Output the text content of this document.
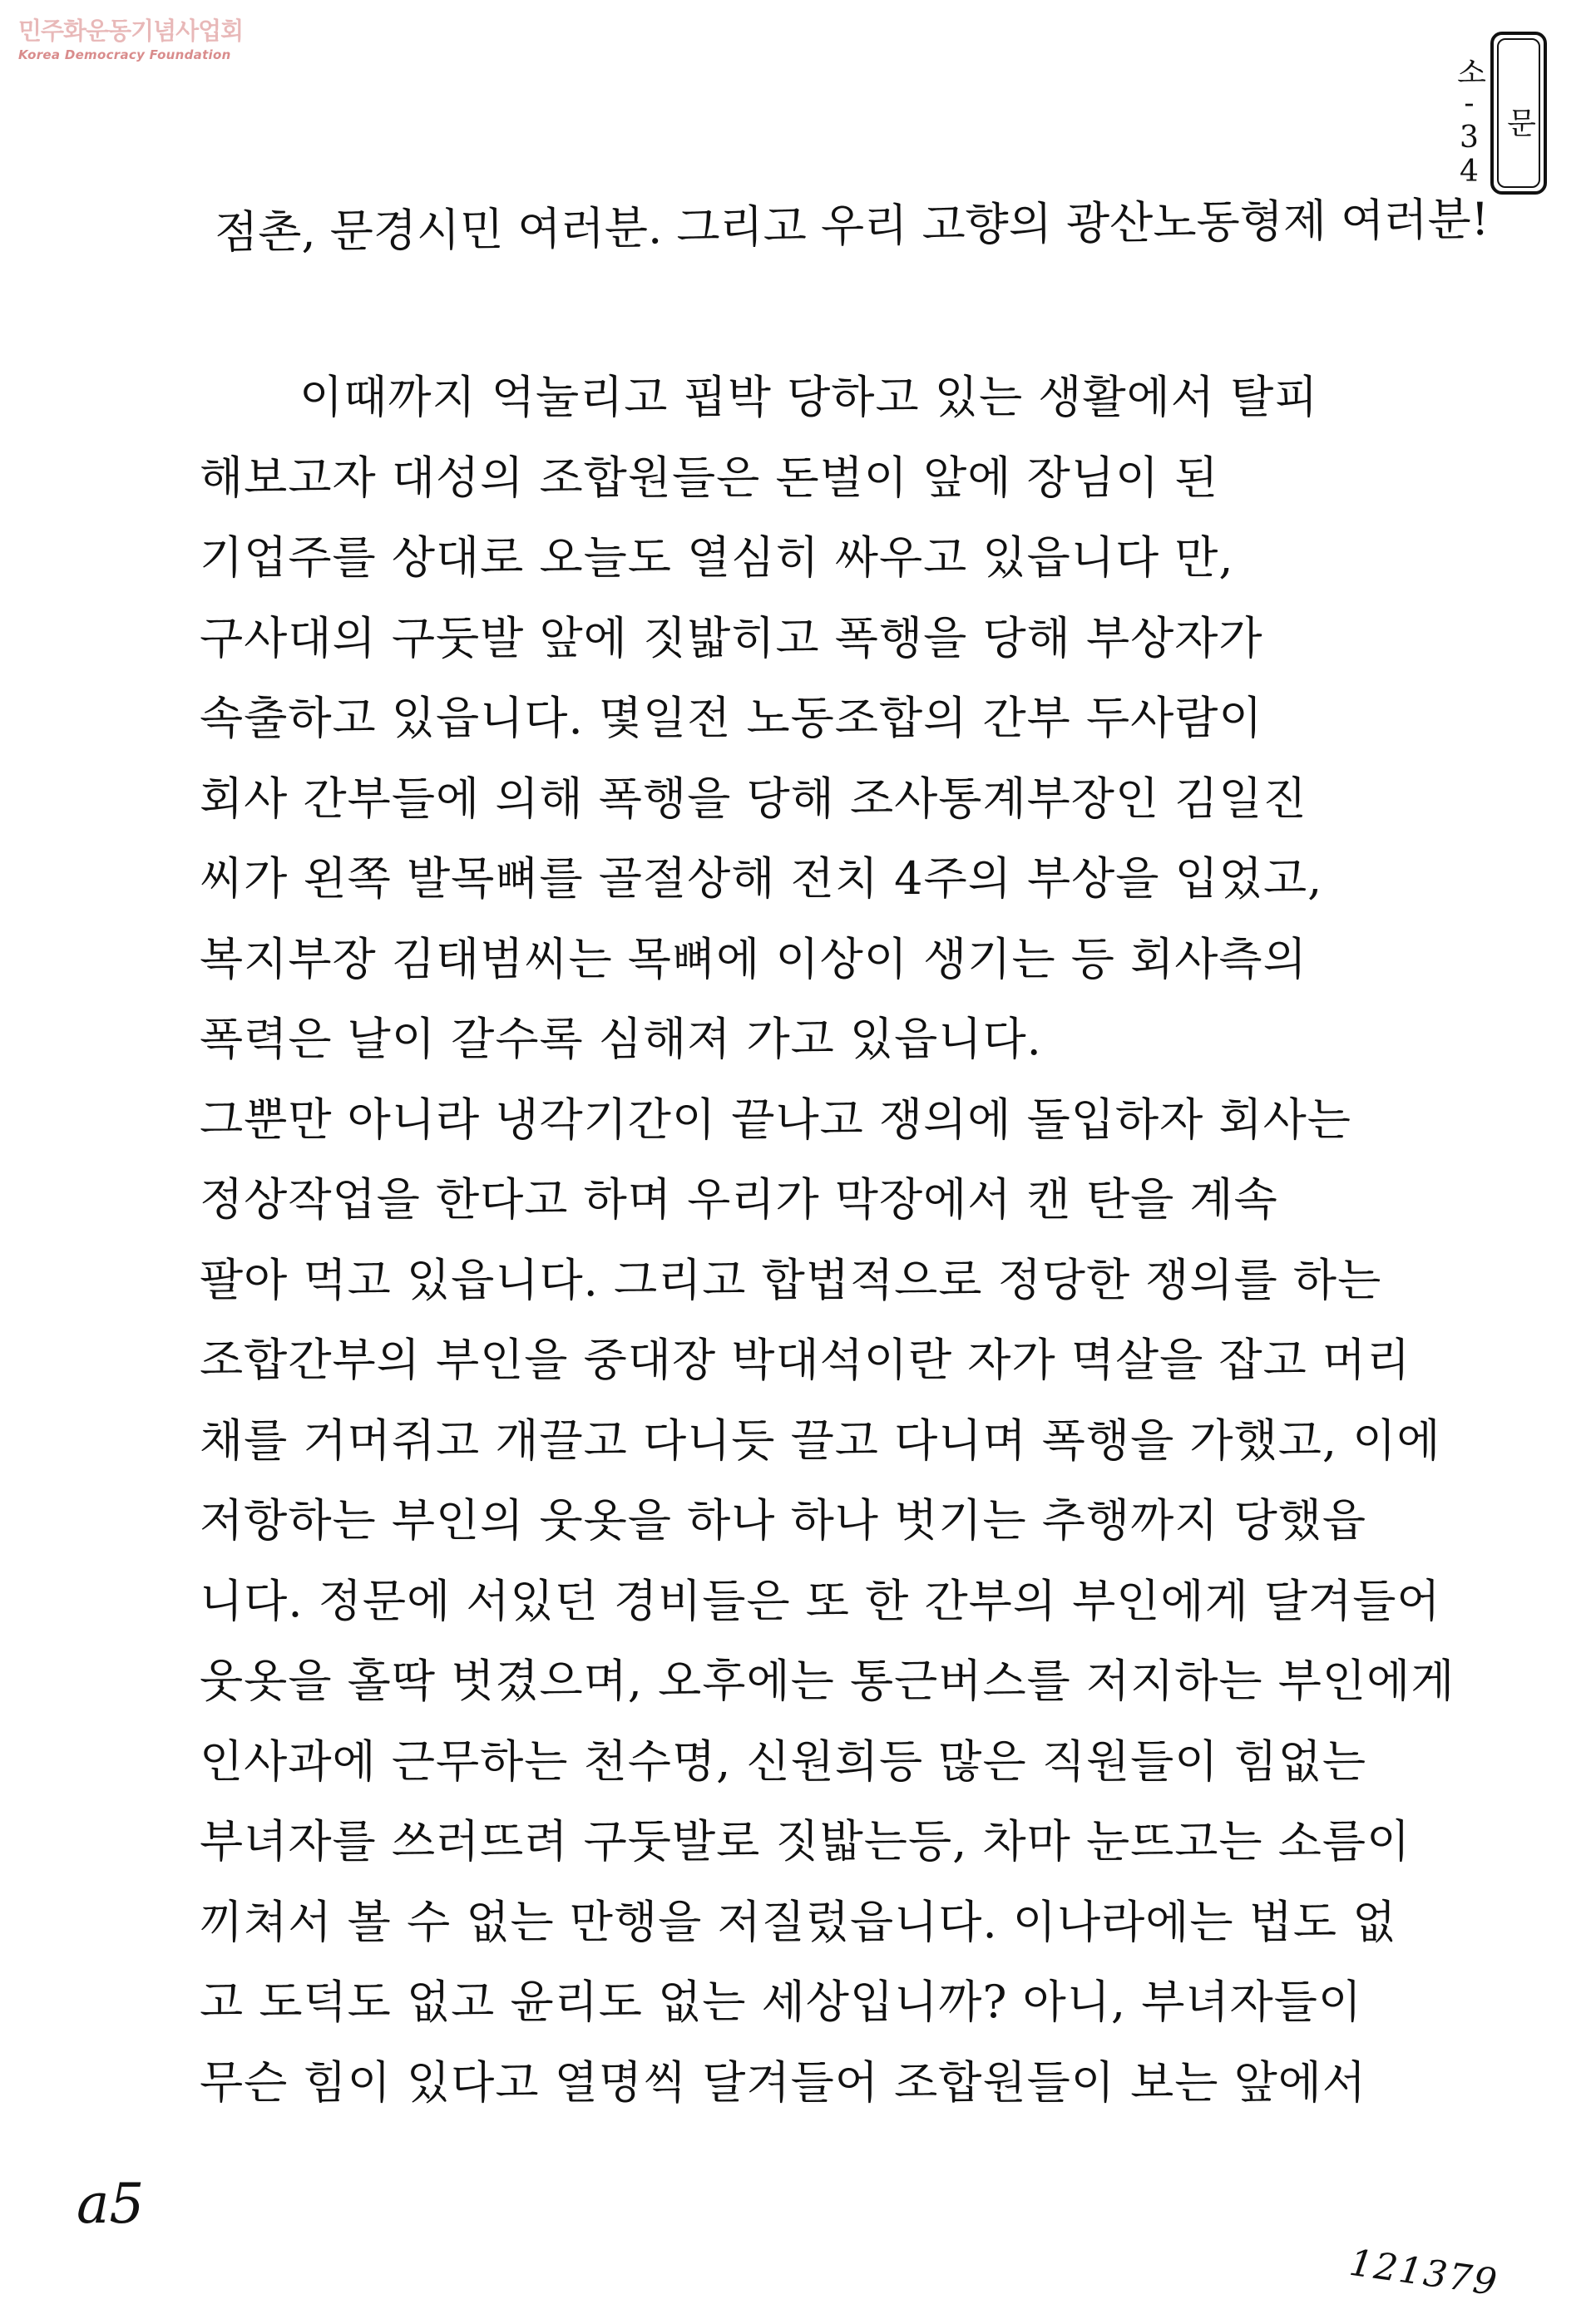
민주화운동기념사업회
Korea Democracy Foundation
문소-34
점촌, 문경시민 여러분. 그리고 우리 고향의 광산노동형제 여러분!
이때까지 억눌리고 핍박 당하고 있는 생활에서 탈피
해보고자 대성의 조합원들은 돈벌이 앞에 장님이 된
기업주를 상대로 오늘도 열심히 싸우고 있읍니다 만,
구사대의 구둣발 앞에 짓밟히고 폭행을 당해 부상자가
속출하고 있읍니다. 몇일전 노동조합의 간부 두사람이
회사 간부들에 의해 폭행을 당해 조사통계부장인 김일진
씨가 왼쪽 발목뼈를 골절상해 전치 4주의 부상을 입었고,
복지부장 김태범씨는 목뼈에 이상이 생기는 등 회사측의
폭력은 날이 갈수록 심해져 가고 있읍니다.
그뿐만 아니라 냉각기간이 끝나고 쟁의에 돌입하자 회사는
정상작업을 한다고 하며 우리가 막장에서 캔 탄을 계속
팔아 먹고 있읍니다. 그리고 합법적으로 정당한 쟁의를 하는
조합간부의 부인을 중대장 박대석이란 자가 멱살을 잡고 머리
채를 거머쥐고 개끌고 다니듯 끌고 다니며 폭행을 가했고, 이에
저항하는 부인의 웃옷을 하나 하나 벗기는 추행까지 당했읍
니다. 정문에 서있던 경비들은 또 한 간부의 부인에게 달겨들어
웃옷을 홀딱 벗겼으며, 오후에는 통근버스를 저지하는 부인에게
인사과에 근무하는 천수명, 신원희등 많은 직원들이 힘없는
부녀자를 쓰러뜨려 구둣발로 짓밟는등, 차마 눈뜨고는 소름이
끼쳐서 볼 수 없는 만행을 저질렀읍니다. 이나라에는 법도 없
고 도덕도 없고 윤리도 없는 세상입니까? 아니, 부녀자들이
무슨 힘이 있다고 열명씩 달겨들어 조합원들이 보는 앞에서
a5
121379
